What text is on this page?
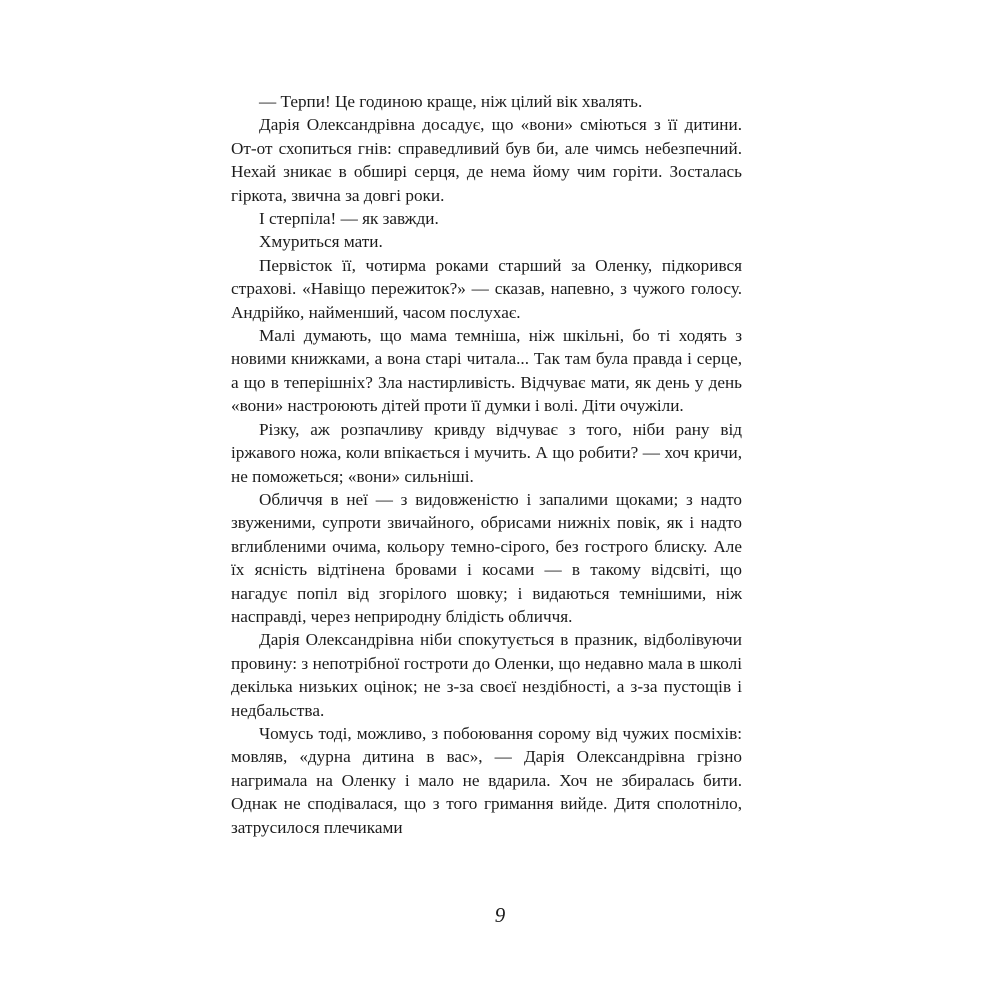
— Терпи! Це годиною краще, ніж цілий вік хвалять.

Дарія Олександрівна досадує, що «вони» сміються з її дитини. От-от схопиться гнів: справедливий був би, але чимсь небезпечний. Нехай зникає в обширі серця, де нема йому чим горіти. Зосталась гіркота, звична за довгі роки.

І стерпіла! — як завжди.

Хмуриться мати.

Первісток її, чотирма роками старший за Оленку, підкорився страхові. «Навіщо пережиток?» — сказав, напевно, з чужого голосу. Андрійко, найменший, часом послухає.

Малі думають, що мама темніша, ніж шкільні, бо ті ходять з новими книжками, а вона старі читала... Так там була правда і серце, а що в теперішніх? Зла настирливість. Відчуває мати, як день у день «вони» настроюють дітей проти її думки і волі. Діти очужіли.

Різку, аж розпачливу кривду відчуває з того, ніби рану від іржавого ножа, коли впікається і мучить. А що робити? — хоч кричи, не поможеться; «вони» сильніші.

Обличчя в неї — з видовженістю і запалими щоками; з надто звуженими, супроти звичайного, обрисами нижніх повік, як і надто вглибленими очима, кольору темно-сірого, без гострого блиску. Але їх ясність відтінена бровами і косами — в такому відсвіті, що нагадує попіл від згорілого шовку; і видаються темнішими, ніж насправді, через неприродну блідість обличчя.

Дарія Олександрівна ніби спокутується в празник, відболівуючи провину: з непотрібної гостроти до Оленки, що недавно мала в школі декілька низьких оцінок; не з-за своєї нездібності, а з-за пустощів і недбальства.

Чомусь тоді, можливо, з побоювання сорому від чужих посміхів: мовляв, «дурна дитина в вас», — Дарія Олександрівна грізно нагримала на Оленку і мало не вдарила. Хоч не збиралась бити. Однак не сподівалася, що з того гримання вийде. Дитя сполотніло, затрусилося плечиками

9
